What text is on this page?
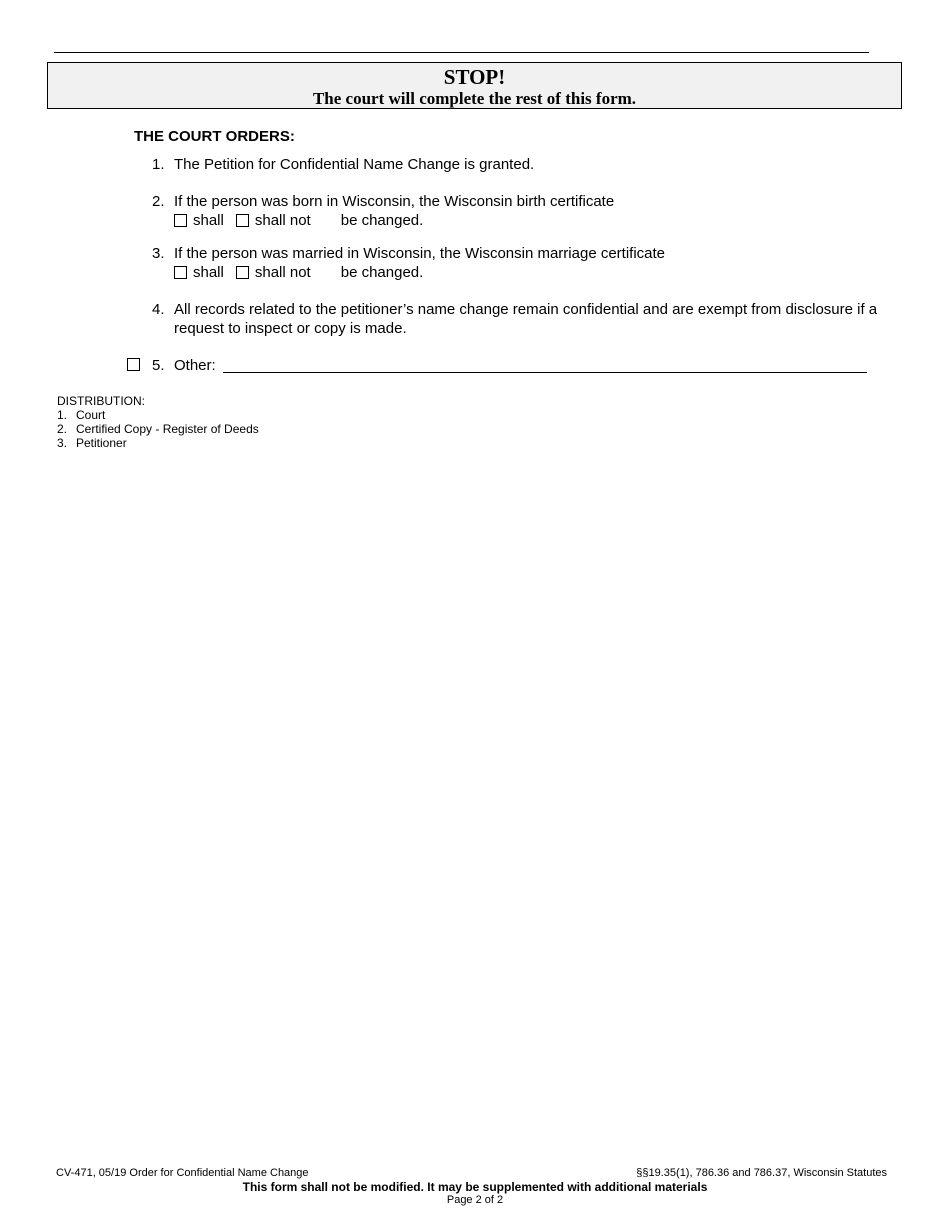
STOP!
The court will complete the rest of this form.
THE COURT ORDERS:
1. The Petition for Confidential Name Change is granted.
2. If the person was born in Wisconsin, the Wisconsin birth certificate
shall shall not be changed.
3. If the person was married in Wisconsin, the Wisconsin marriage certificate
shall shall not be changed.
4. All records related to the petitioner’s name change remain confidential and are exempt from disclosure if a request to inspect or copy is made.
5. Other:
DISTRIBUTION:
1. Court
2. Certified Copy - Register of Deeds
3. Petitioner
CV-471, 05/19 Order for Confidential Name Change	§§19.35(1), 786.36 and 786.37, Wisconsin Statutes
This form shall not be modified. It may be supplemented with additional materials
Page 2 of 2
